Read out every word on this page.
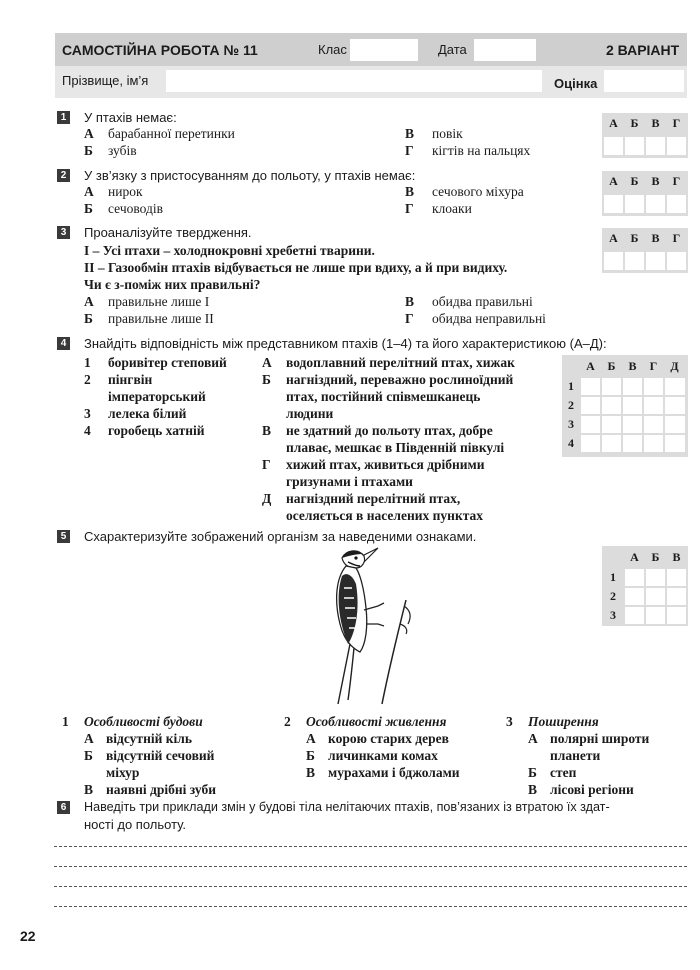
САМОСТІЙНА РОБОТА № 11	Клас	Дата	2 ВАРІАНТ
Прізвище, ім’я	Оцінка
1 У птахів немає:
А барабанної перетинки
Б зубів
В повік
Г кігтів на пальцях
А	Б	В	Г
2 У зв’язку з пристосуванням до польоту, у птахів немає:
А нирок
Б сечоводів
В сечового міхура
Г клоаки
А	Б	В	Г
3 Проаналізуйте твердження.
І – Усі птахи – холоднокровні хребетні тварини.
ІІ – Газообмін птахів відбувається не лише при вдиху, а й при видиху.
Чи є з-поміж них правильні?
А правильне лише І
Б правильне лише ІІ
В обидва правильні
Г обидва неправильні
А	Б	В	Г
4 Знайдіть відповідність між представником птахів (1–4) та його характеристикою (А–Д):
1 боривітер степовий
2 пінгвін
імператорський
3 лелека білий
4 горобець хатній
А водоплавний перелітний птах, хижак
Б нагніздний, переважно рослиноїдний
птах, постійний співмешканець
людини
В не здатний до польоту птах, добре
плаває, мешкає в Південній півкулі
Г хижий птах, живиться дрібними
гризунами і птахами
Д нагніздний перелітний птах,
оселяється в населених пунктах
А	Б	В	Г	Д
1
2
3
4
5 Схарактеризуйте зображений організм за наведеними ознаками.
А	Б	В
1
2
3
1 Особливості будови
А відсутній кіль
Б відсутній сечовий
міхур
В наявні дрібні зуби
2 Особливості живлення
А корою старих дерев
Б личинками комах
В мурахами і бджолами
3 Поширення
А полярні широти
планети
Б степ
В лісові регіони
6 Наведіть три приклади змін у будові тіла нелітаючих птахів, пов’язаних із втратою їх здат-
ності до польоту.
22
